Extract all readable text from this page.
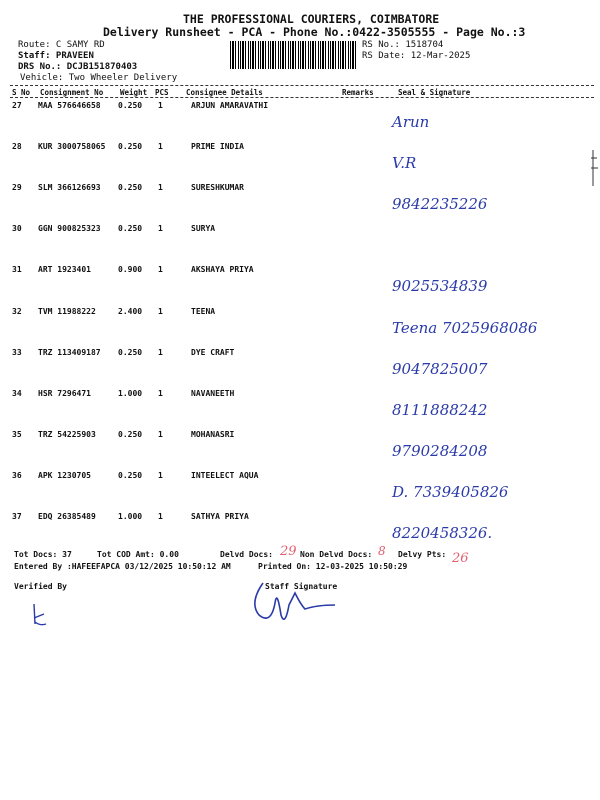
THE PROFESSIONAL COURIERS, COIMBATORE
Delivery Runsheet - PCA - Phone No.:0422-3505555 - Page No.:3
Route: C SAMY RD
Staff: PRAVEEN
DRS No.: DCJB151870403
Vehicle: Two Wheeler Delivery
RS No.: 1518704
RS Date: 12-Mar-2025
S No Consignment No Weight PCS Consignee Details	Remarks	Seal & Signature
27 MAA 576646658 0.250 1	ARJUN AMARAVATHI
Arun
28 KUR 3000758065 0.250 1	PRIME INDIA
V.R
29 SLM 366126693 0.250 1	SURESHKUMAR
9842235226
30 GGN 900825323 0.250 1	SURYA
31 ART 1923401	0.900 1	AKSHAYA PRIYA
9025534839
32 TVM 11988222	2.400 1	TEENA
Teena 7025968086
33 TRZ 113409187 0.250 1	DYE CRAFT
9047825007
34 HSR 7296471	1.000 1	NAVANEETH
8111888242
35 TRZ 54225903	0.250 1	MOHANASRI
9790284208
36 APK 1230705	0.250 1	INTEELECT AQUA
D. 7339405826
37 EDQ 26385489	1.000 1	SATHYA PRIYA
8220458326.
Tot Docs: 37	Tot COD Amt: 0.00	Delvd Docs: 29 Non Delvd Docs: 8 Delvy Pts: 26
Entered By :HAFEEFAPCA 03/12/2025 10:50:12 AM	Printed On: 12-03-2025 10:50:29
Verified By	Staff Signature
